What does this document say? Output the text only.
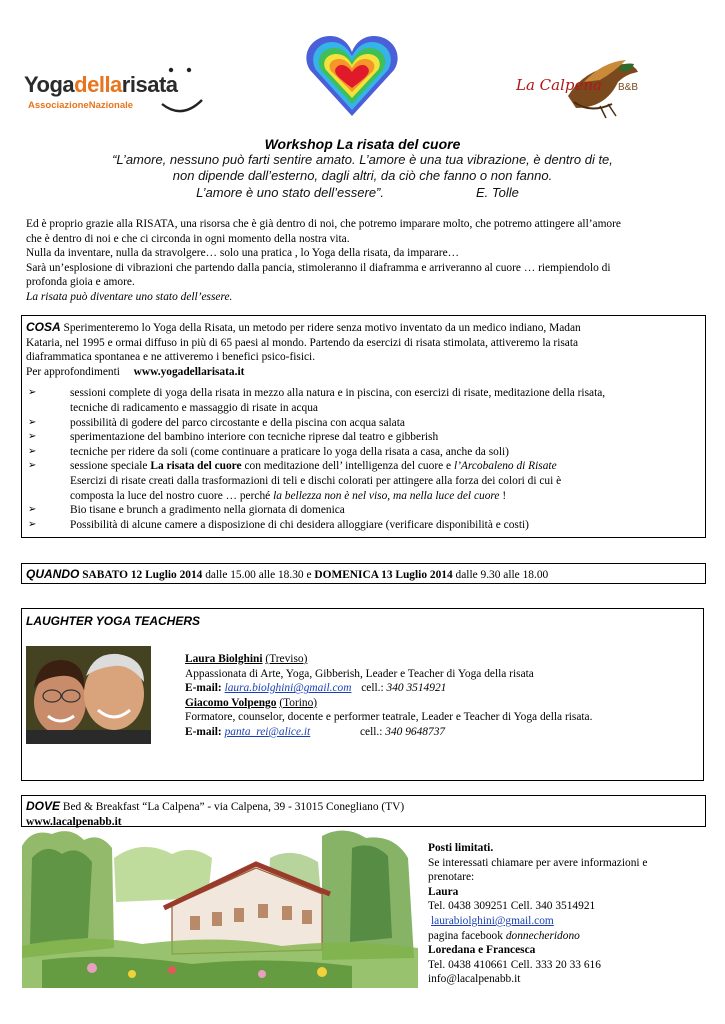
Yogadellarisata
AssociazioneNazionale
La Calpena B&B
Workshop La risata del cuore
“L’amore, nessuno può farti sentire amato. L’amore è una tua vibrazione, è dentro di te,
non dipende dall’esterno, dagli altri, da ciò che fanno o non fanno.
L’amore è uno stato dell’essere”.	E. Tolle
Ed è proprio grazie alla RISATA, una risorsa che è già dentro di noi, che potremo imparare molto, che potremo attingere all’amore
che è dentro di noi e che ci circonda in ogni momento della nostra vita.
Nulla da inventare, nulla da stravolgere… solo una pratica , lo Yoga della risata, da imparare…
Sarà un’esplosione di vibrazioni che partendo dalla pancia, stimoleranno il diaframma e arriveranno al cuore … riempiendolo di
profonda gioia e amore.
La risata può diventare uno stato dell’essere.
COSA Sperimenteremo lo Yoga della Risata, un metodo per ridere senza motivo inventato da un medico indiano, Madan
Kataria, nel 1995 e ormai diffuso in più di 65 paesi al mondo. Partendo da esercizi di risata stimolata, attiveremo la risata
diaframmatica spontanea e ne attiveremo i benefici psico-fisici.
Per approfondimenti www.yogadellarisata.it
➢	sessioni complete di yoga della risata in mezzo alla natura e in piscina, con esercizi di risate, meditazione della risata,
tecniche di radicamento e massaggio di risate in acqua
➢	possibilità di godere del parco circostante e della piscina con acqua salata
➢	sperimentazione del bambino interiore con tecniche riprese dal teatro e gibberish
➢	tecniche per ridere da soli (come continuare a praticare lo yoga della risata a casa, anche da soli)
➢	sessione speciale La risata del cuore con meditazione dell’ intelligenza del cuore e l’Arcobaleno di Risate
Esercizi di risate creati dalla trasformazioni di teli e dischi colorati per attingere alla forza dei colori di cui è
composta la luce del nostro cuore … perché la bellezza non è nel viso, ma nella luce del cuore !
➢	Bio tisane e brunch a gradimento nella giornata di domenica
➢	Possibilità di alcune camere a disposizione di chi desidera alloggiare (verificare disponibilità e costi)
QUANDO SABATO 12 Luglio 2014 dalle 15.00 alle 18.30 e DOMENICA 13 Luglio 2014 dalle 9.30 alle 18.00
LAUGHTER YOGA TEACHERS
Laura Biolghini (Treviso)
Appassionata di Arte, Yoga, Gibberish, Leader e Teacher di Yoga della risata
E-mail: laura.biolghini@gmail.com cell.: 340 3514921
Giacomo Volpengo (Torino)
Formatore, counselor, docente e performer teatrale, Leader e Teacher di Yoga della risata.
E-mail: panta_rei@alice.it	cell.: 340 9648737
DOVE Bed & Breakfast “La Calpena” - via Calpena, 39 - 31015 Conegliano (TV)
www.lacalpenabb.it
Posti limitati.
Se interessati chiamare per avere informazioni e
prenotare:
Laura
Tel. 0438 309251 Cell. 340 3514921
laurabiolghini@gmail.com
pagina facebook donnecheridono
Loredana e Francesca
Tel. 0438 410661 Cell. 333 20 33 616
info@lacalpenabb.it
